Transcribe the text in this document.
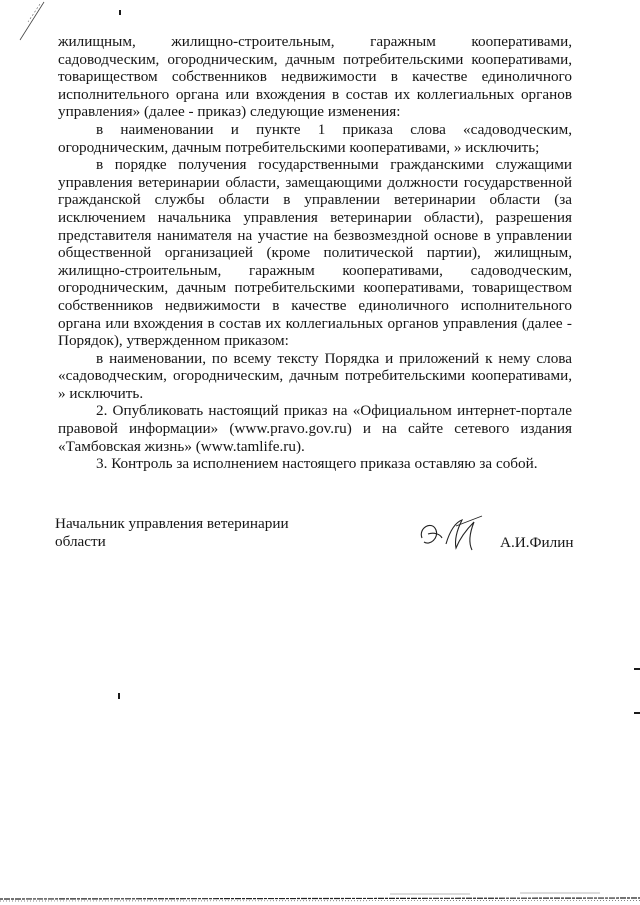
жилищным, жилищно-строительным, гаражным кооперативами, садоводческим, огородническим, дачным потребительскими кооперативами, товариществом собственников недвижимости в качестве единоличного исполнительного органа или вхождения в состав их коллегиальных органов управления» (далее - приказ) следующие изменения:

в наименовании и пункте 1 приказа слова «садоводческим, огородническим, дачным потребительскими кооперативами, » исключить;

в порядке получения государственными гражданскими служащими управления ветеринарии области, замещающими должности государственной гражданской службы области в управлении ветеринарии области (за исключением начальника управления ветеринарии области), разрешения представителя нанимателя на участие на безвозмездной основе в управлении общественной организацией (кроме политической партии), жилищным, жилищно-строительным, гаражным кооперативами, садоводческим, огородническим, дачным потребительскими кооперативами, товариществом собственников недвижимости в качестве единоличного исполнительного органа или вхождения в состав их коллегиальных органов управления (далее - Порядок), утвержденном приказом:

в наименовании, по всему тексту Порядка и приложений к нему слова «садоводческим, огородническим, дачным потребительскими кооперативами, » исключить.

2. Опубликовать настоящий приказ на «Официальном интернет-портале правовой информации» (www.pravo.gov.ru) и на сайте сетевого издания «Тамбовская жизнь» (www.tamlife.ru).

3. Контроль за исполнением настоящего приказа оставляю за собой.

Начальник управления ветеринарии области	А.И.Филин
